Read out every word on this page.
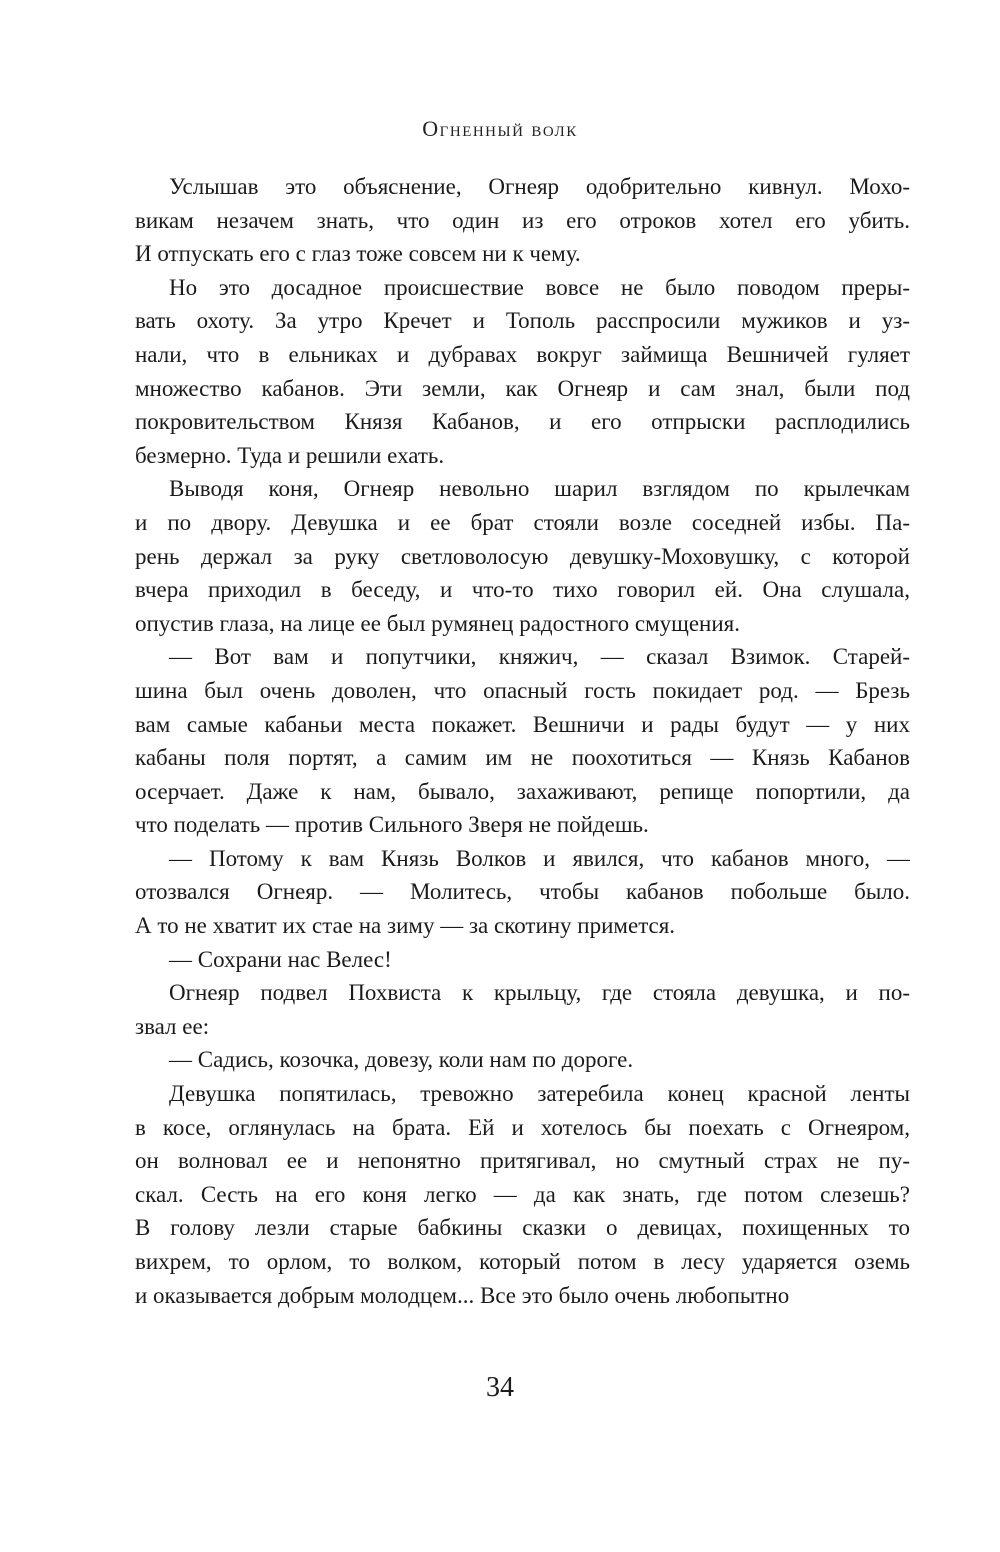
Огненный волк
Услышав это объяснение, Огнеяр одобрительно кивнул. Мохо-
викам незачем знать, что один из его отроков хотел его убить.
И отпускать его с глаз тоже совсем ни к чему.
Но это досадное происшествие вовсе не было поводом преры-
вать охоту. За утро Кречет и Тополь расспросили мужиков и уз-
нали, что в ельниках и дубравах вокруг займища Вешничей гуляет
множество кабанов. Эти земли, как Огнеяр и сам знал, были под
покровительством Князя Кабанов, и его отпрыски расплодились
безмерно. Туда и решили ехать.
Выводя коня, Огнеяр невольно шарил взглядом по крылечкам
и по двору. Девушка и ее брат стояли возле соседней избы. Па-
рень держал за руку светловолосую девушку-Моховушку, с которой
вчера приходил в беседу, и что-то тихо говорил ей. Она слушала,
опустив глаза, на лице ее был румянец радостного смущения.
— Вот вам и попутчики, княжич, — сказал Взимок. Старей-
шина был очень доволен, что опасный гость покидает род. — Брезь
вам самые кабаньи места покажет. Вешничи и рады будут — у них
кабаны поля портят, а самим им не поохотиться — Князь Кабанов
осерчает. Даже к нам, бывало, захаживают, репище попортили, да
что поделать — против Сильного Зверя не пойдешь.
— Потому к вам Князь Волков и явился, что кабанов много, —
отозвался Огнеяр. — Молитесь, чтобы кабанов побольше было.
А то не хватит их стае на зиму — за скотину примется.
— Сохрани нас Велес!
Огнеяр подвел Похвиста к крыльцу, где стояла девушка, и по-
звал ее:
— Садись, козочка, довезу, коли нам по дороге.
Девушка попятилась, тревожно затеребила конец красной ленты
в косе, оглянулась на брата. Ей и хотелось бы поехать с Огнеяром,
он волновал ее и непонятно притягивал, но смутный страх не пу-
скал. Сесть на его коня легко — да как знать, где потом слезешь?
В голову лезли старые бабкины сказки о девицах, похищенных то
вихрем, то орлом, то волком, который потом в лесу ударяется оземь
и оказывается добрым молодцем... Все это было очень любопытно
34
